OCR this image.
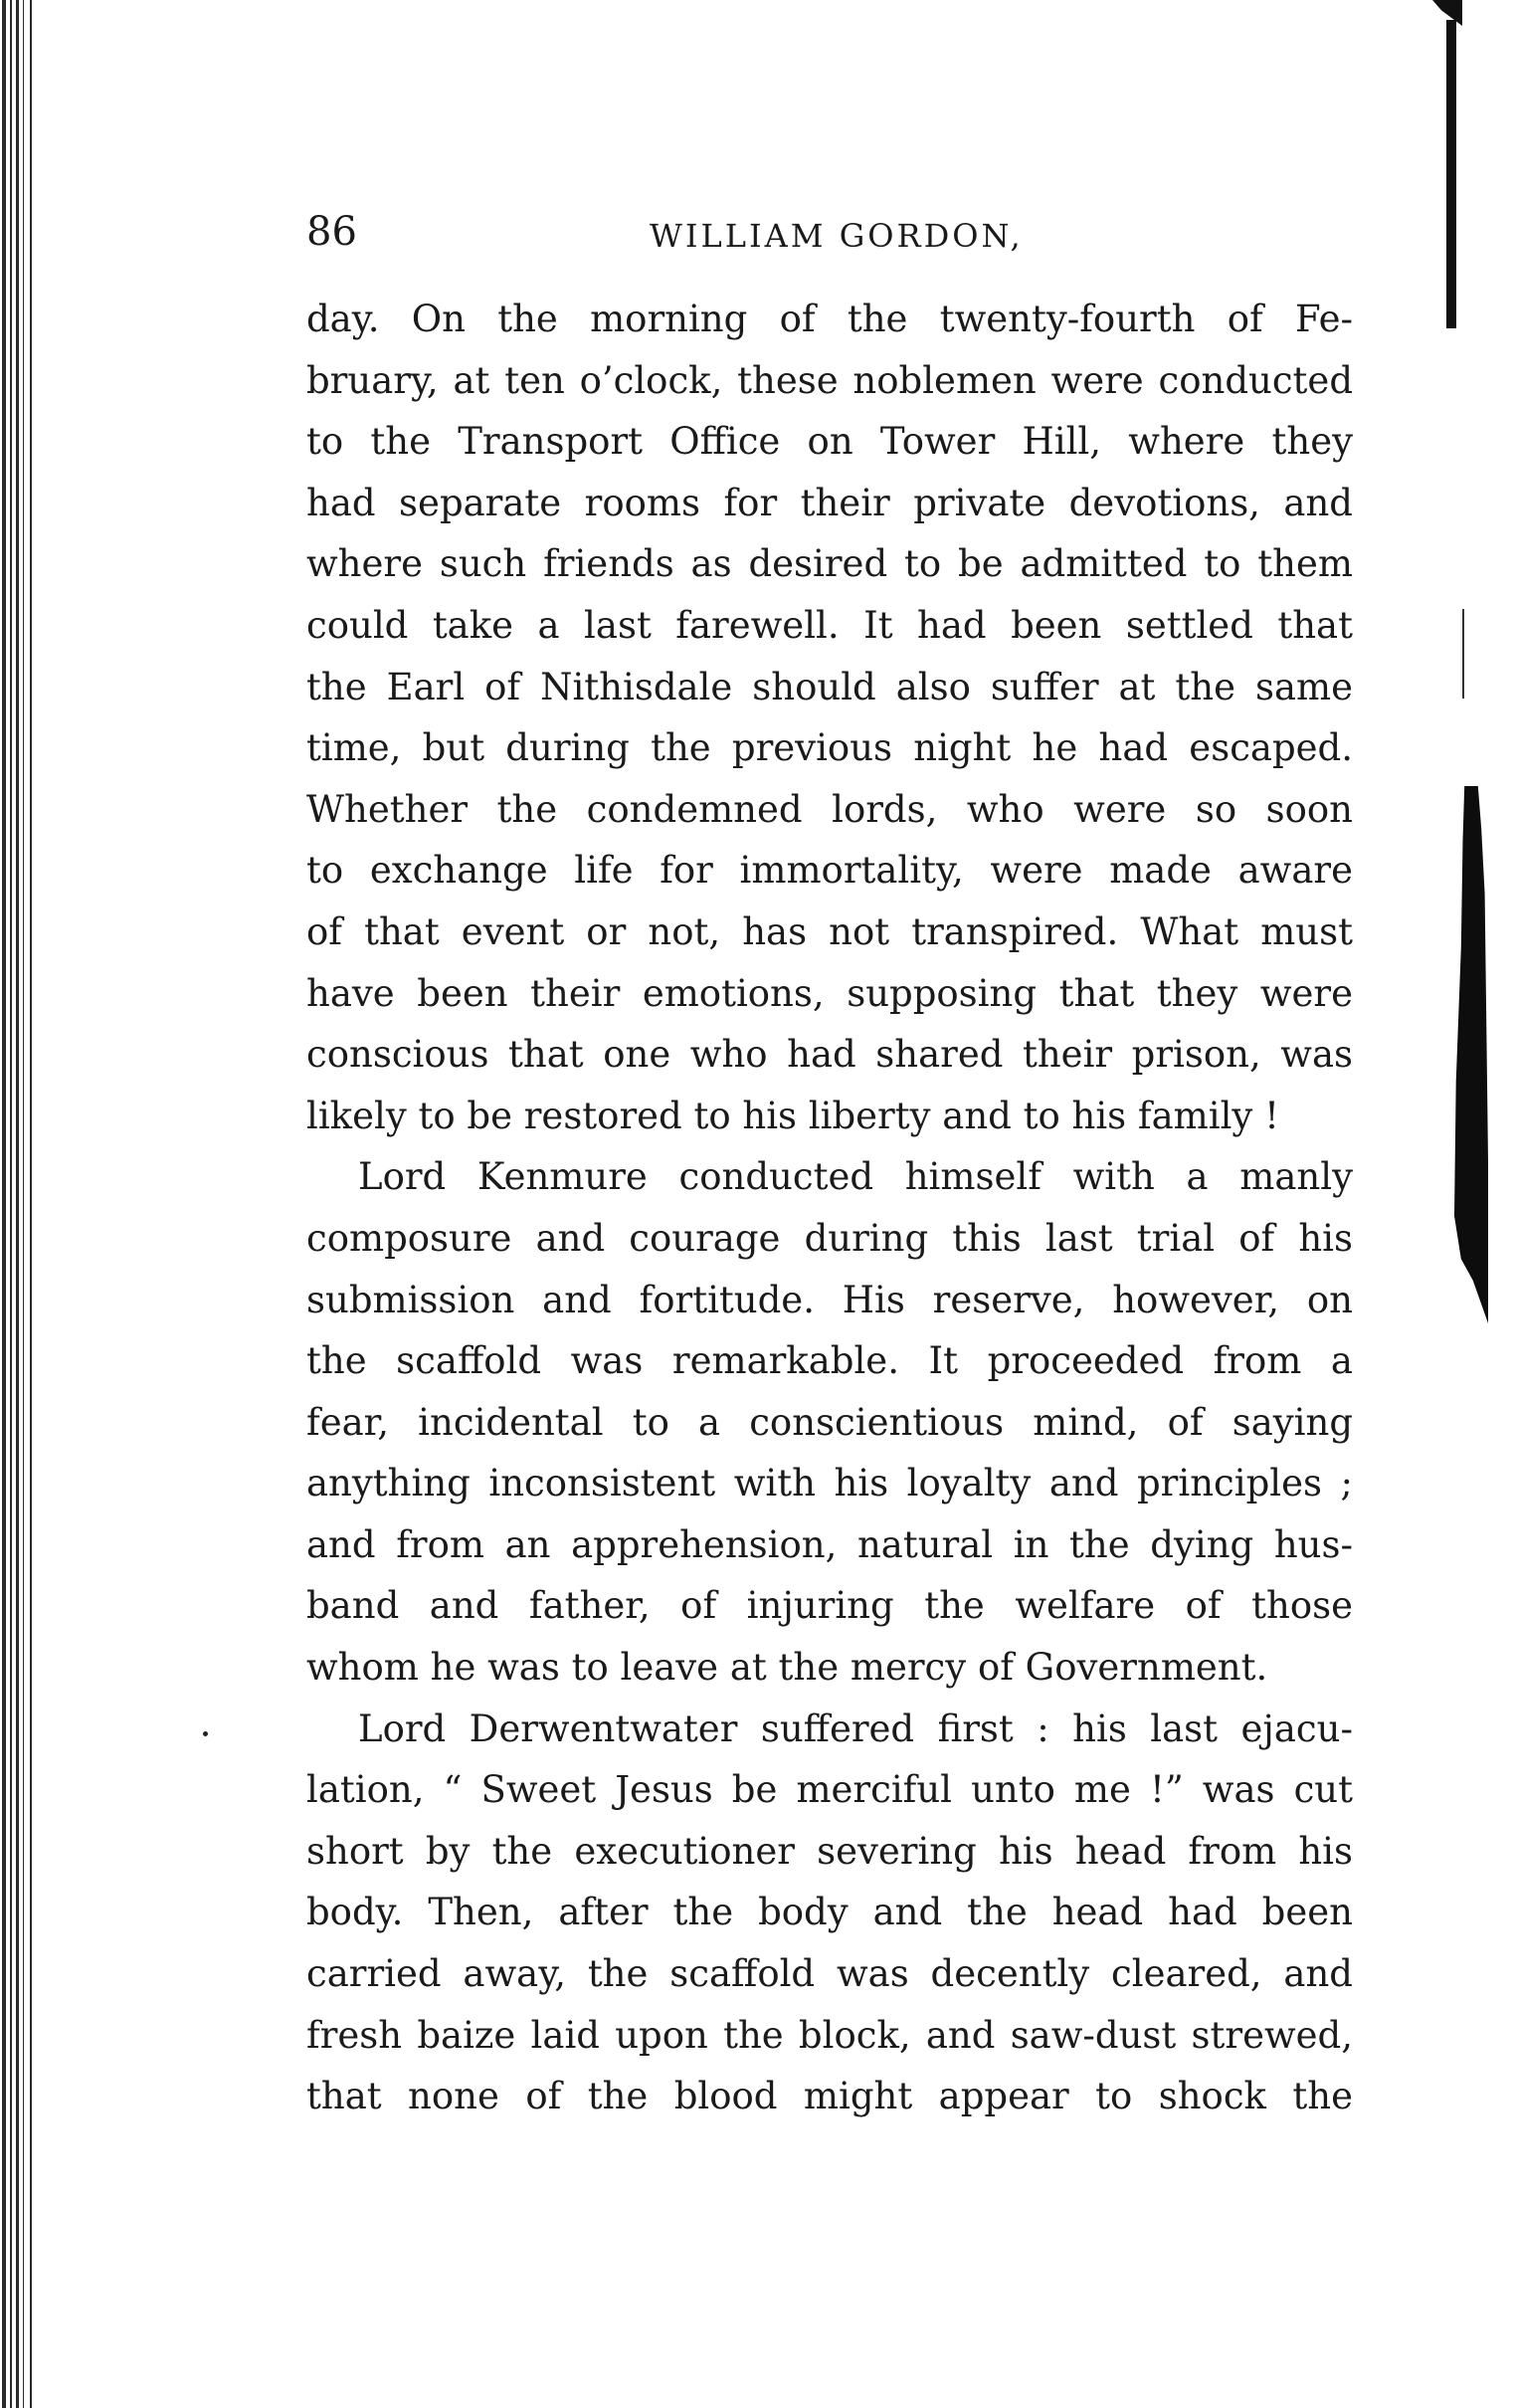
86	WILLIAM GORDON,
day. On the morning of the twenty-fourth of Fe-
bruary, at ten o’clock, these noblemen were conducted
to the Transport Office on Tower Hill, where they
had separate rooms for their private devotions, and
where such friends as desired to be admitted to them
could take a last farewell. It had been settled that
the Earl of Nithisdale should also suffer at the same
time, but during the previous night he had escaped.
Whether the condemned lords, who were so soon
to exchange life for immortality, were made aware
of that event or not, has not transpired. What must
have been their emotions, supposing that they were
conscious that one who had shared their prison, was
likely to be restored to his liberty and to his family !
Lord Kenmure conducted himself with a manly
composure and courage during this last trial of his
submission and fortitude. His reserve, however, on
the scaffold was remarkable. It proceeded from a
fear, incidental to a conscientious mind, of saying
anything inconsistent with his loyalty and principles ;
and from an apprehension, natural in the dying hus-
band and father, of injuring the welfare of those
whom he was to leave at the mercy of Government.
Lord Derwentwater suffered first : his last ejacu-
lation, “ Sweet Jesus be merciful unto me !” was cut
short by the executioner severing his head from his
body. Then, after the body and the head had been
carried away, the scaffold was decently cleared, and
fresh baize laid upon the block, and saw-dust strewed,
that none of the blood might appear to shock the
